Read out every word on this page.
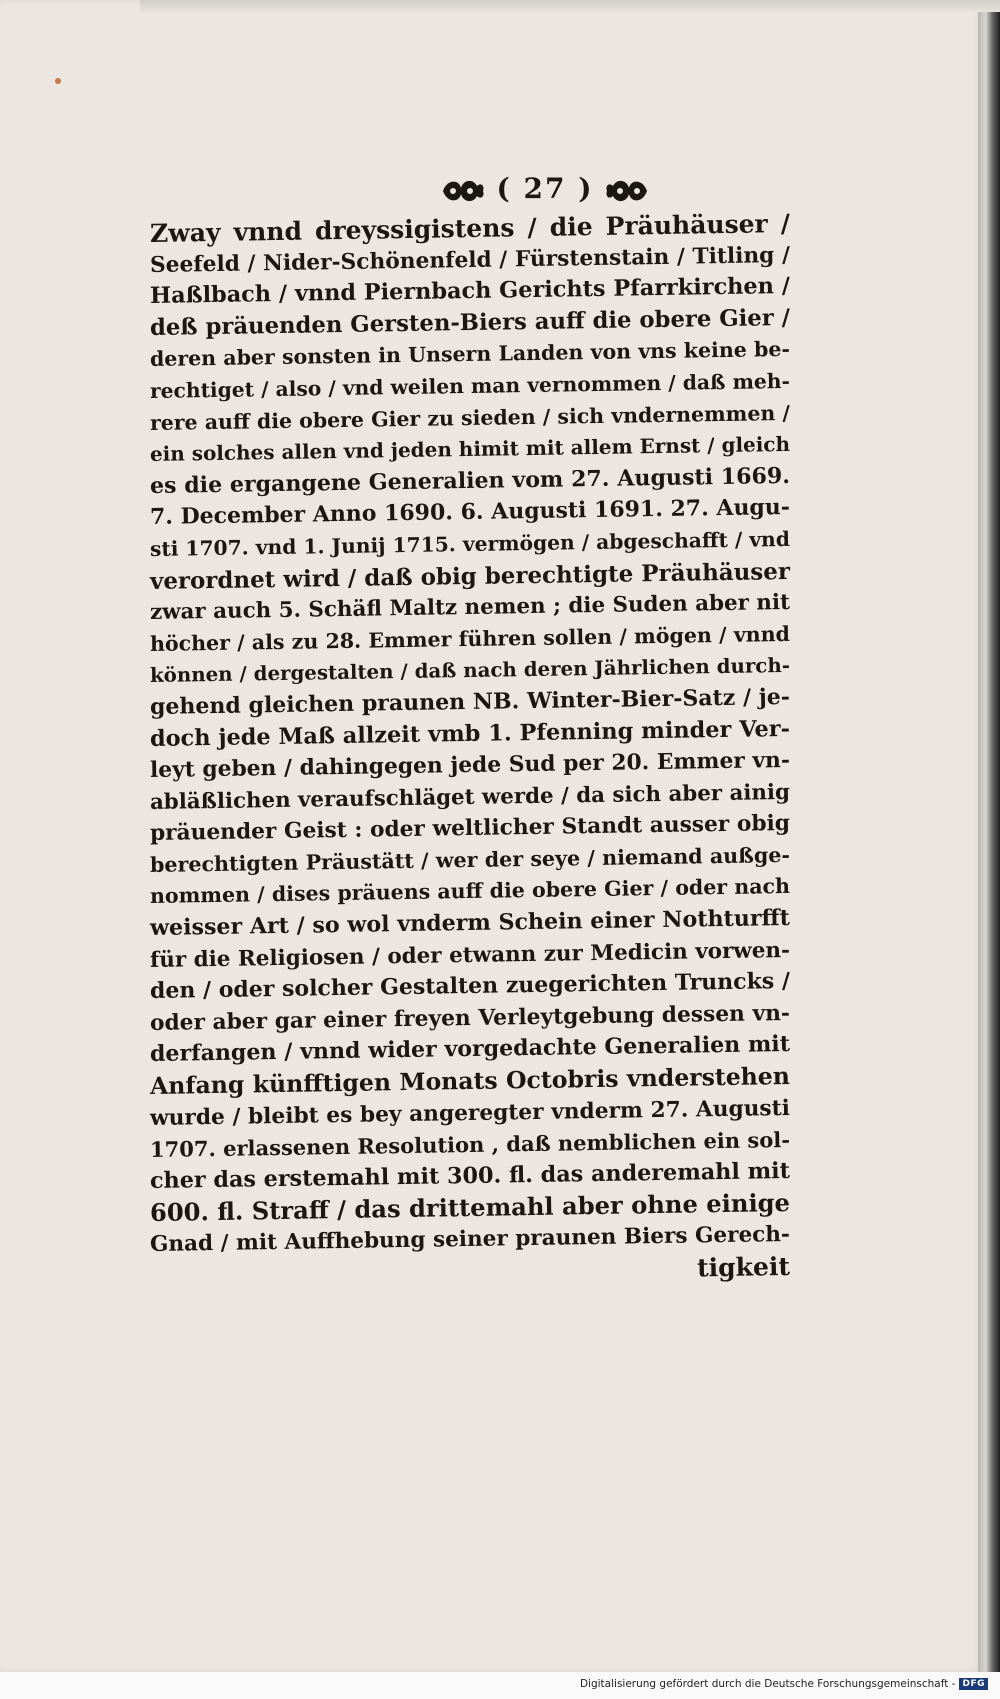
( 27 )
Zway vnnd dreyssigistens / die Präuhäuser /
Seefeld / Nider-Schönenfeld / Fürstenstain / Titling /
Haßlbach / vnnd Piernbach Gerichts Pfarrkirchen /
deß präuenden Gersten-Biers auff die obere Gier /
deren aber sonsten in Unsern Landen von vns keine be-
rechtiget / also / vnd weilen man vernommen / daß meh-
rere auff die obere Gier zu sieden / sich vndernemmen /
ein solches allen vnd jeden himit mit allem Ernst / gleich
es die ergangene Generalien vom 27. Augusti 1669.
7. December Anno 1690. 6. Augusti 1691. 27. Augu-
sti 1707. vnd 1. Junij 1715. vermögen / abgeschafft / vnd
verordnet wird / daß obig berechtigte Präuhäuser
zwar auch 5. Schäfl Maltz nemen ; die Suden aber nit
höcher / als zu 28. Emmer führen sollen / mögen / vnnd
können / dergestalten / daß nach deren Jährlichen durch-
gehend gleichen praunen NB. Winter-Bier-Satz / je-
doch jede Maß allzeit vmb 1. Pfenning minder Ver-
leyt geben / dahingegen jede Sud per 20. Emmer vn-
abläßlichen veraufschläget werde / da sich aber ainig
präuender Geist : oder weltlicher Standt ausser obig
berechtigten Präustätt / wer der seye / niemand außge-
nommen / dises präuens auff die obere Gier / oder nach
weisser Art / so wol vnderm Schein einer Nothturfft
für die Religiosen / oder etwann zur Medicin vorwen-
den / oder solcher Gestalten zuegerichten Truncks /
oder aber gar einer freyen Verleytgebung dessen vn-
derfangen / vnnd wider vorgedachte Generalien mit
Anfang künfftigen Monats Octobris vnderstehen
wurde / bleibt es bey angeregter vnderm 27. Augusti
1707. erlassenen Resolution , daß nemblichen ein sol-
cher das erstemahl mit 300. fl. das anderemahl mit
600. fl. Straff / das drittemahl aber ohne einige
Gnad / mit Auffhebung seiner praunen Biers Gerech-
tigkeit
Digitalisierung gefördert durch die Deutsche Forschungsgemeinschaft - DFG
